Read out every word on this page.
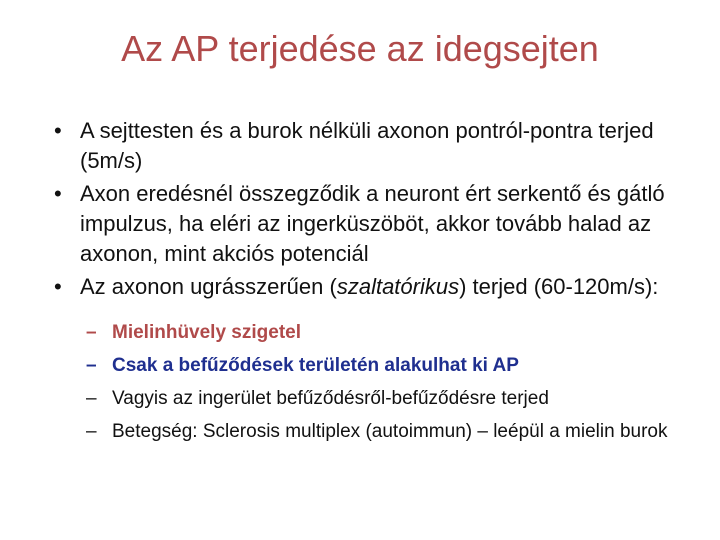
Az AP terjedése az idegsejten

• A sejttesten és a burok nélküli axonon pontról-pontra terjed (5m/s)

• Axon eredésnél összegződik a neuront ért serkentő és gátló impulzus, ha eléri az ingerküszöböt, akkor tovább halad az axonon, mint akciós potenciál

• Az axonon ugrásszerűen (szaltatórikus) terjed (60-120m/s):

– Mielinhüvely szigetel
– Csak a befűződések területén alakulhat ki AP
– Vagyis az ingerület befűződésről-befűződésre terjed
– Betegség: Sclerosis multiplex (autoimmun) – leépül a mielin burok
